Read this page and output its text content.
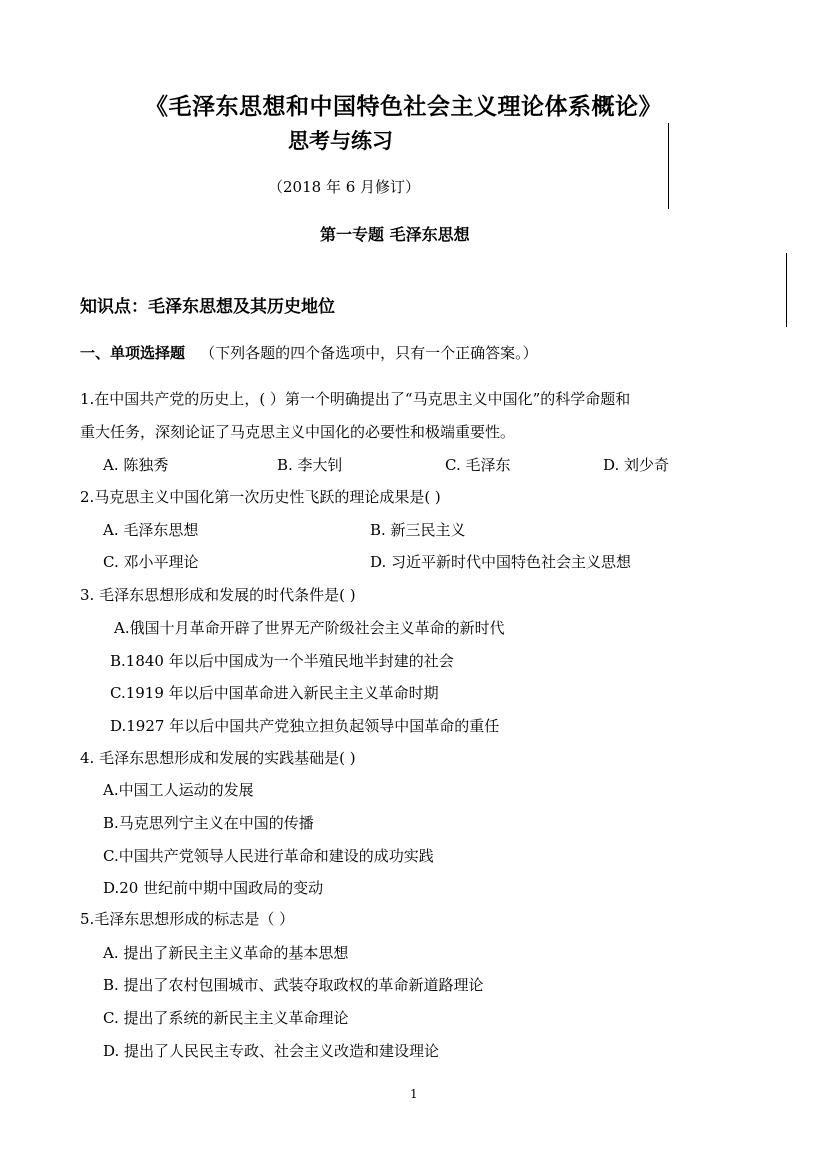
《毛泽东思想和中国特色社会主义理论体系概论》
思考与练习
（2018 年 6 月修订）
第一专题 毛泽东思想
知识点：毛泽东思想及其历史地位
一、单项选择题 （下列各题的四个备选项中，只有一个正确答案。）
1.在中国共产党的历史上，( ）第一个明确提出了“马克思主义中国化”的科学命题和
重大任务，深刻论证了马克思主义中国化的必要性和极端重要性。
A. 陈独秀	B. 李大钊	C. 毛泽东	D. 刘少奇
2.马克思主义中国化第一次历史性飞跃的理论成果是( )
A. 毛泽东思想	B. 新三民主义
C. 邓小平理论	D. 习近平新时代中国特色社会主义思想
3. 毛泽东思想形成和发展的时代条件是( )
A.俄国十月革命开辟了世界无产阶级社会主义革命的新时代
B.1840 年以后中国成为一个半殖民地半封建的社会
C.1919 年以后中国革命进入新民主主义革命时期
D.1927 年以后中国共产党独立担负起领导中国革命的重任
4. 毛泽东思想形成和发展的实践基础是( )
A.中国工人运动的发展
B.马克思列宁主义在中国的传播
C.中国共产党领导人民进行革命和建设的成功实践
D.20 世纪前中期中国政局的变动
5.毛泽东思想形成的标志是（ ）
A. 提出了新民主主义革命的基本思想
B. 提出了农村包围城市、武装夺取政权的革命新道路理论
C. 提出了系统的新民主主义革命理论
D. 提出了人民民主专政、社会主义改造和建设理论
1
